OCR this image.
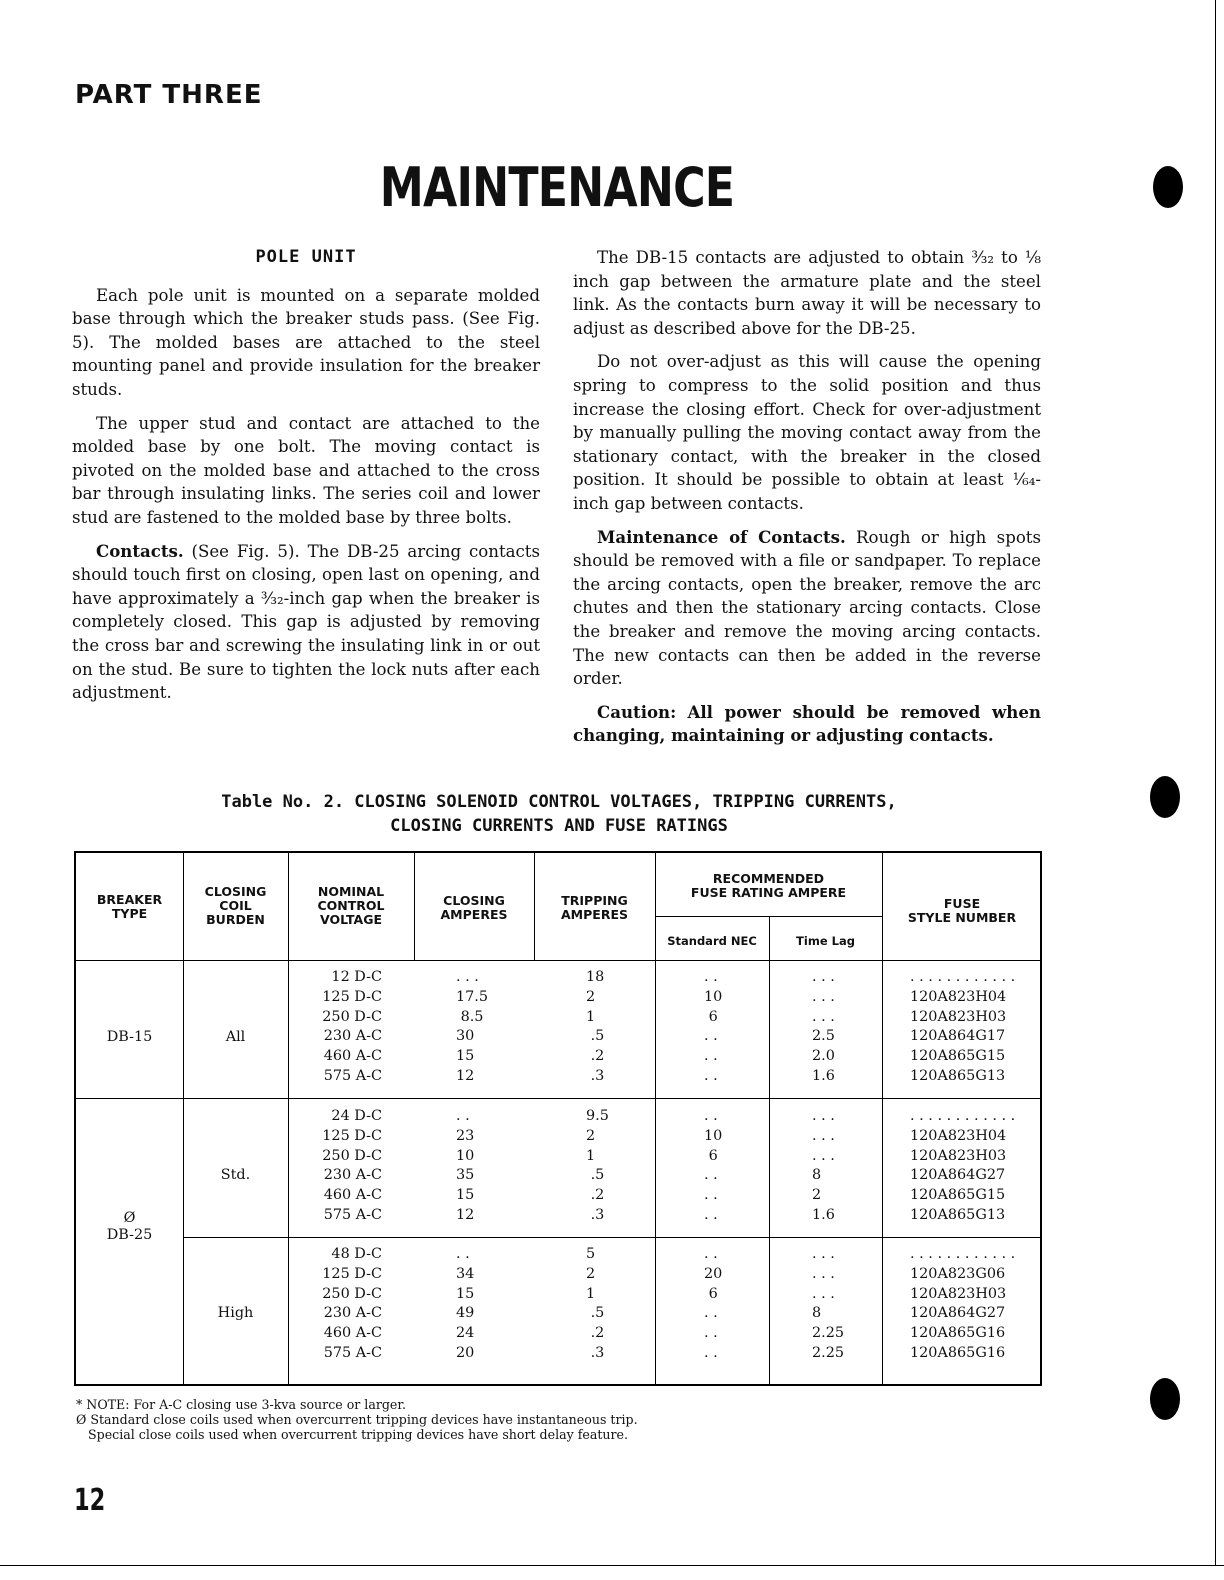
PART THREE
MAINTENANCE
POLE UNIT

Each pole unit is mounted on a separate molded base through which the breaker studs pass. (See Fig. 5). The molded bases are attached to the steel mounting panel and provide insulation for the breaker studs.

The upper stud and contact are attached to the molded base by one bolt. The moving contact is pivoted on the molded base and attached to the cross bar through insulating links. The series coil and lower stud are fastened to the molded base by three bolts.

Contacts. (See Fig. 5). The DB-25 arcing contacts should touch first on closing, open last on opening, and have approximately a ³⁄₃₂-inch gap when the breaker is completely closed. This gap is adjusted by removing the cross bar and screwing the insulating link in or out on the stud. Be sure to tighten the lock nuts after each adjustment.

The DB-15 contacts are adjusted to obtain ³⁄₃₂ to ¹⁄₈ inch gap between the armature plate and the steel link. As the contacts burn away it will be necessary to adjust as described above for the DB-25.

Do not over-adjust as this will cause the opening spring to compress to the solid position and thus increase the closing effort. Check for over-adjustment by manually pulling the moving contact away from the stationary contact, with the breaker in the closed position. It should be possible to obtain at least ¹⁄₆₄-inch gap between contacts.

Maintenance of Contacts. Rough or high spots should be removed with a file or sandpaper. To replace the arcing contacts, open the breaker, remove the arc chutes and then the stationary arcing contacts. Close the breaker and remove the moving arcing contacts. The new contacts can then be added in the reverse order.

Caution: All power should be removed when changing, maintaining or adjusting contacts.

Table No. 2. CLOSING SOLENOID CONTROL VOLTAGES, TRIPPING CURRENTS,
CLOSING CURRENTS AND FUSE RATINGS
BREAKER
TYPE
CLOSING
COIL
BURDEN
NOMINAL
CONTROL
VOLTAGE
CLOSING
AMPERES
TRIPPING
AMPERES
RECOMMENDED
FUSE RATING AMPERE
Standard NEC	Time Lag
FUSE
STYLE NUMBER
DB-15	All
12 D-C
125 D-C
250 D-C
230 A-C
460 A-C
575 A-C
. . .
17.5
8.5
30
15
12
18
2
1
.5
.2
.3
. .
10
6
. .
. .
. .
. . .
. . .
. . .
2.5
2.0
1.6
. . . . . . . . . . . .
120A823H04
120A823H03
120A864G17
120A865G15
120A865G13
Ø
DB-25
Std.
24 D-C
125 D-C
250 D-C
230 A-C
460 A-C
575 A-C
. .
23
10
35
15
12
9.5
2
1
.5
.2
.3
. .
10
6
. .
. .
. .
. . .
. . .
. . .
8
2
1.6
. . . . . . . . . . . .
120A823H04
120A823H03
120A864G27
120A865G15
120A865G13
High
48 D-C
125 D-C
250 D-C
230 A-C
460 A-C
575 A-C
. .
34
15
49
24
20
5
2
1
.5
.2
.3
. .
20
6
. .
. .
. .
. . .
. . .
. . .
8
2.25
2.25
. . . . . . . . . . . .
120A823G06
120A823H03
120A864G27
120A865G16
120A865G16
* NOTE: For A-C closing use 3-kva source or larger.
Ø Standard close coils used when overcurrent tripping devices have instantaneous trip.
Special close coils used when overcurrent tripping devices have short delay feature.
12
